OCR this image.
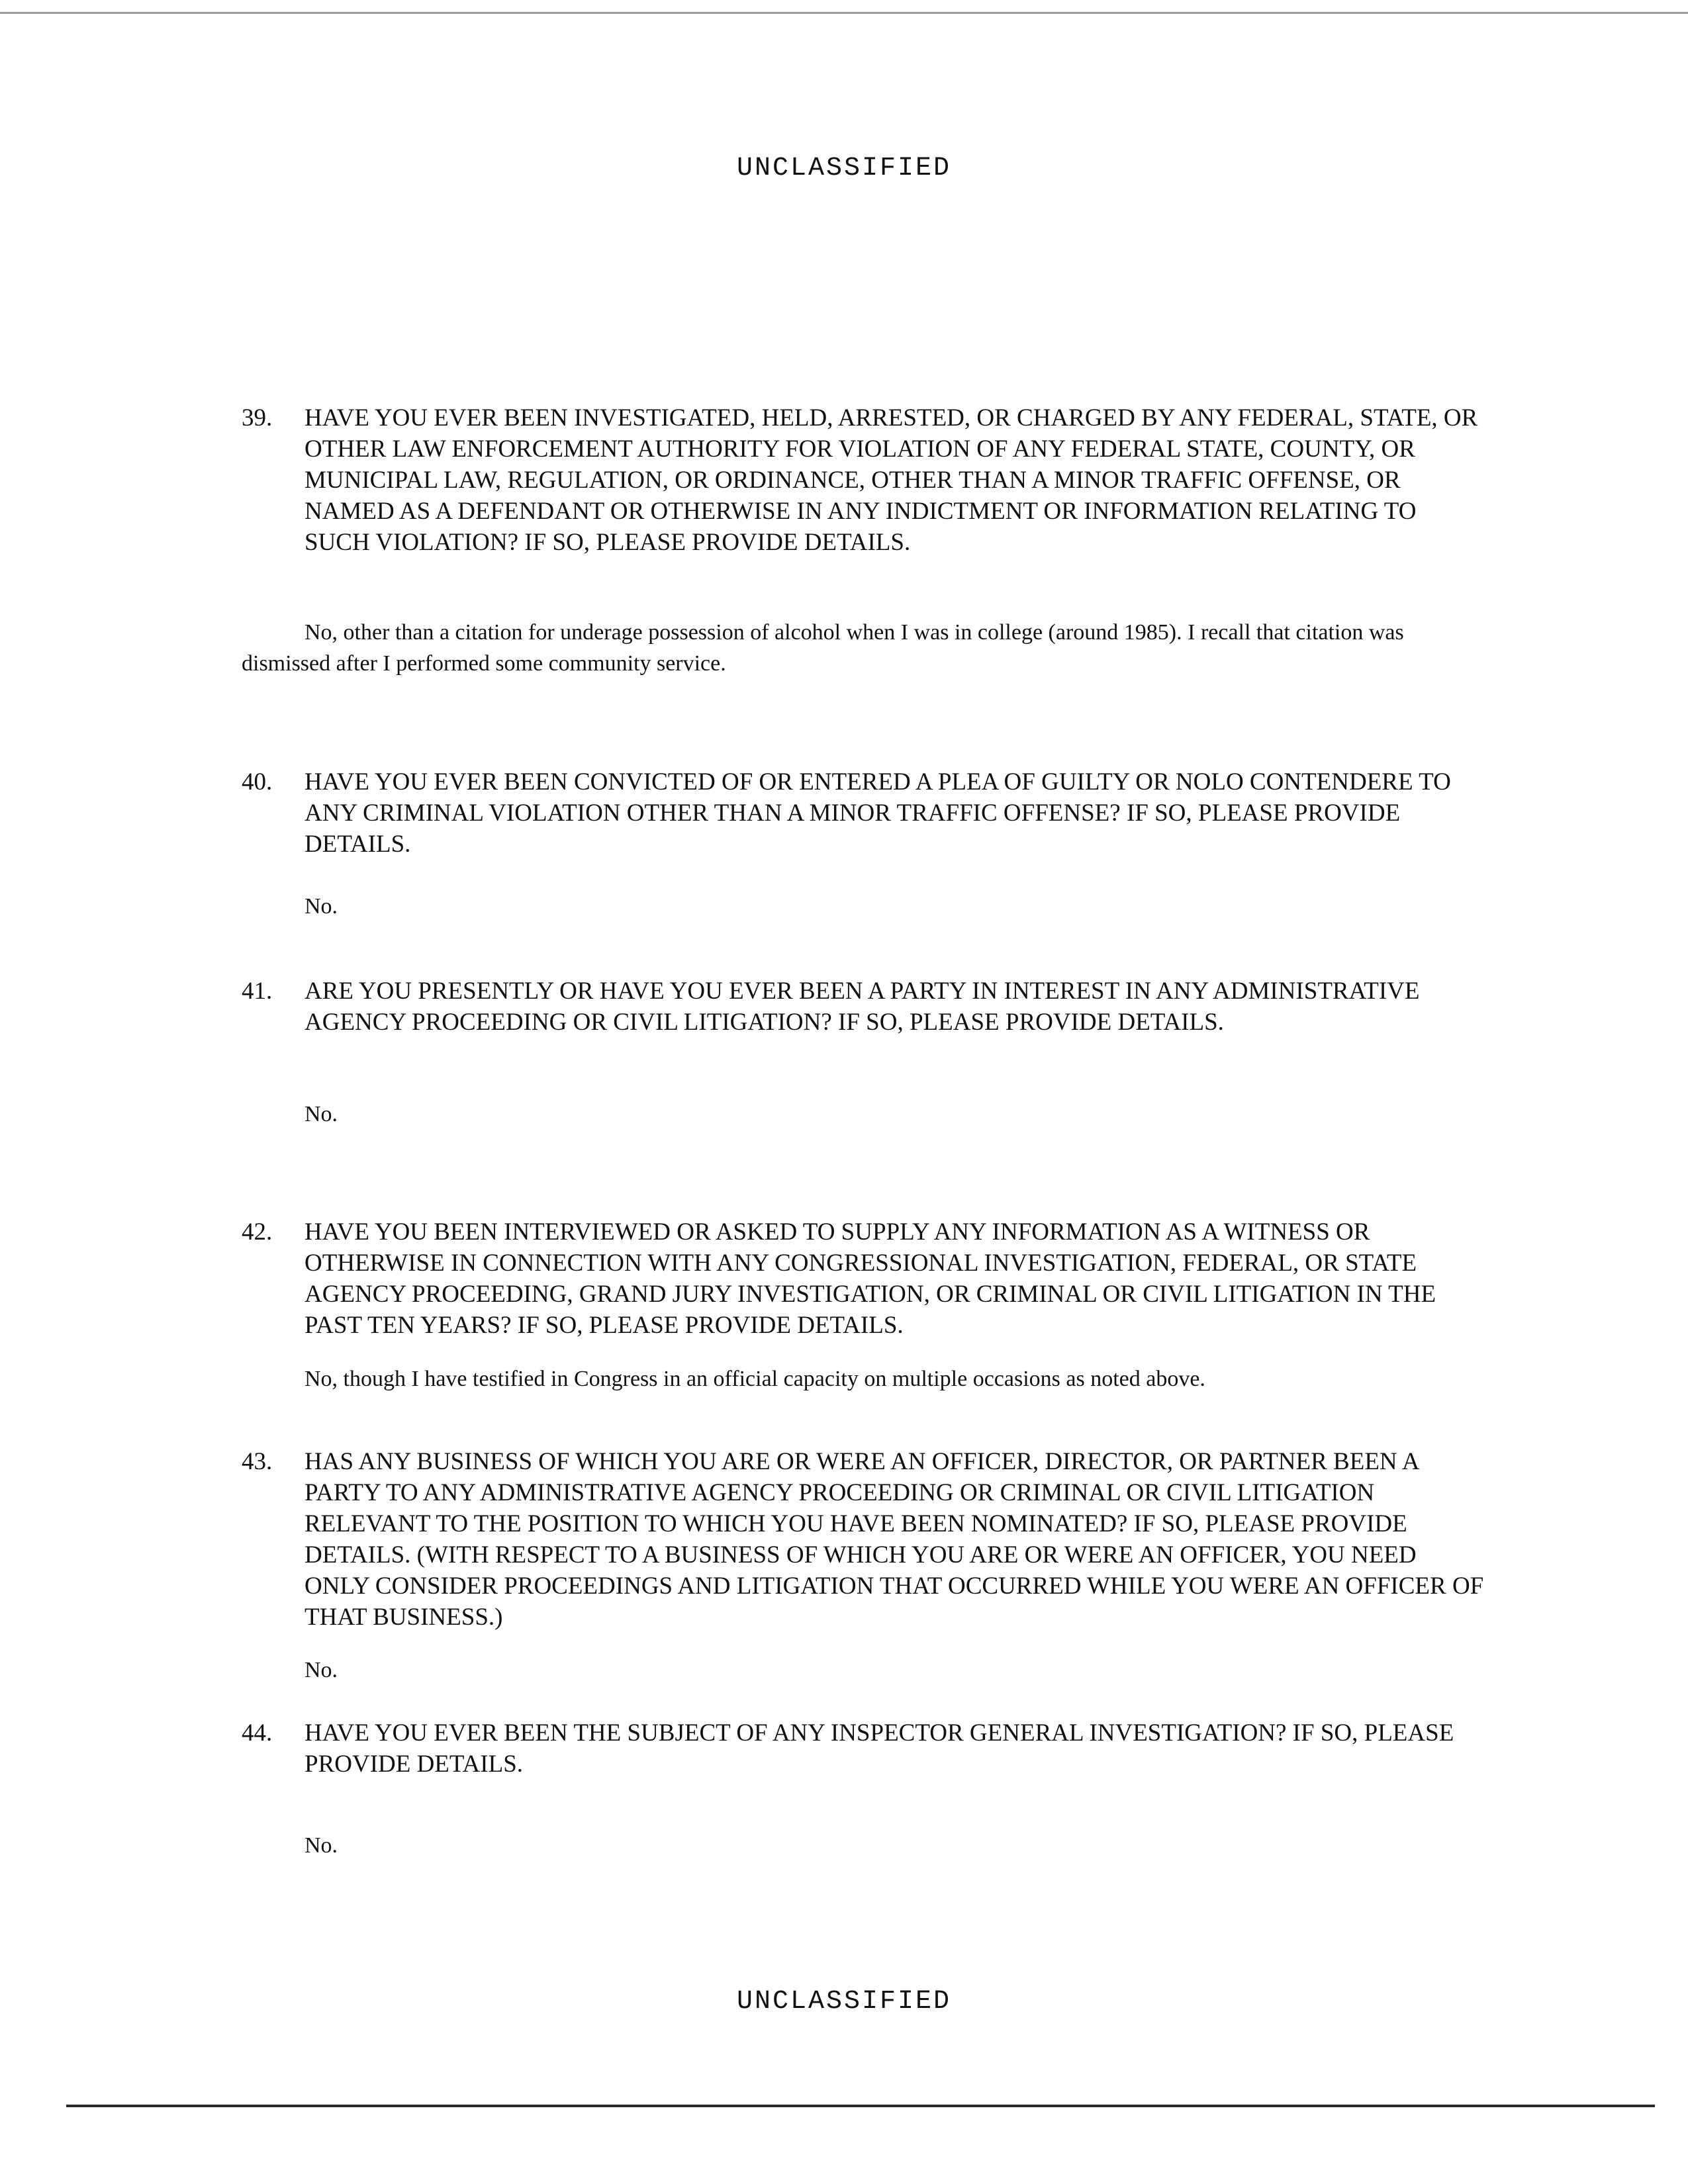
UNCLASSIFIED
39. HAVE YOU EVER BEEN INVESTIGATED, HELD, ARRESTED, OR CHARGED BY ANY FEDERAL, STATE, OR OTHER LAW ENFORCEMENT AUTHORITY FOR VIOLATION OF ANY FEDERAL STATE, COUNTY, OR MUNICIPAL LAW, REGULATION, OR ORDINANCE, OTHER THAN A MINOR TRAFFIC OFFENSE, OR NAMED AS A DEFENDANT OR OTHERWISE IN ANY INDICTMENT OR INFORMATION RELATING TO SUCH VIOLATION? IF SO, PLEASE PROVIDE DETAILS.
No, other than a citation for underage possession of alcohol when I was in college (around 1985). I recall that citation was dismissed after I performed some community service.
40. HAVE YOU EVER BEEN CONVICTED OF OR ENTERED A PLEA OF GUILTY OR NOLO CONTENDERE TO ANY CRIMINAL VIOLATION OTHER THAN A MINOR TRAFFIC OFFENSE? IF SO, PLEASE PROVIDE DETAILS.
No.
41. ARE YOU PRESENTLY OR HAVE YOU EVER BEEN A PARTY IN INTEREST IN ANY ADMINISTRATIVE AGENCY PROCEEDING OR CIVIL LITIGATION? IF SO, PLEASE PROVIDE DETAILS.
No.
42. HAVE YOU BEEN INTERVIEWED OR ASKED TO SUPPLY ANY INFORMATION AS A WITNESS OR OTHERWISE IN CONNECTION WITH ANY CONGRESSIONAL INVESTIGATION, FEDERAL, OR STATE AGENCY PROCEEDING, GRAND JURY INVESTIGATION, OR CRIMINAL OR CIVIL LITIGATION IN THE PAST TEN YEARS? IF SO, PLEASE PROVIDE DETAILS.
No, though I have testified in Congress in an official capacity on multiple occasions as noted above.
43. HAS ANY BUSINESS OF WHICH YOU ARE OR WERE AN OFFICER, DIRECTOR, OR PARTNER BEEN A PARTY TO ANY ADMINISTRATIVE AGENCY PROCEEDING OR CRIMINAL OR CIVIL LITIGATION RELEVANT TO THE POSITION TO WHICH YOU HAVE BEEN NOMINATED? IF SO, PLEASE PROVIDE DETAILS. (WITH RESPECT TO A BUSINESS OF WHICH YOU ARE OR WERE AN OFFICER, YOU NEED ONLY CONSIDER PROCEEDINGS AND LITIGATION THAT OCCURRED WHILE YOU WERE AN OFFICER OF THAT BUSINESS.)
No.
44. HAVE YOU EVER BEEN THE SUBJECT OF ANY INSPECTOR GENERAL INVESTIGATION? IF SO, PLEASE PROVIDE DETAILS.
No.
UNCLASSIFIED
